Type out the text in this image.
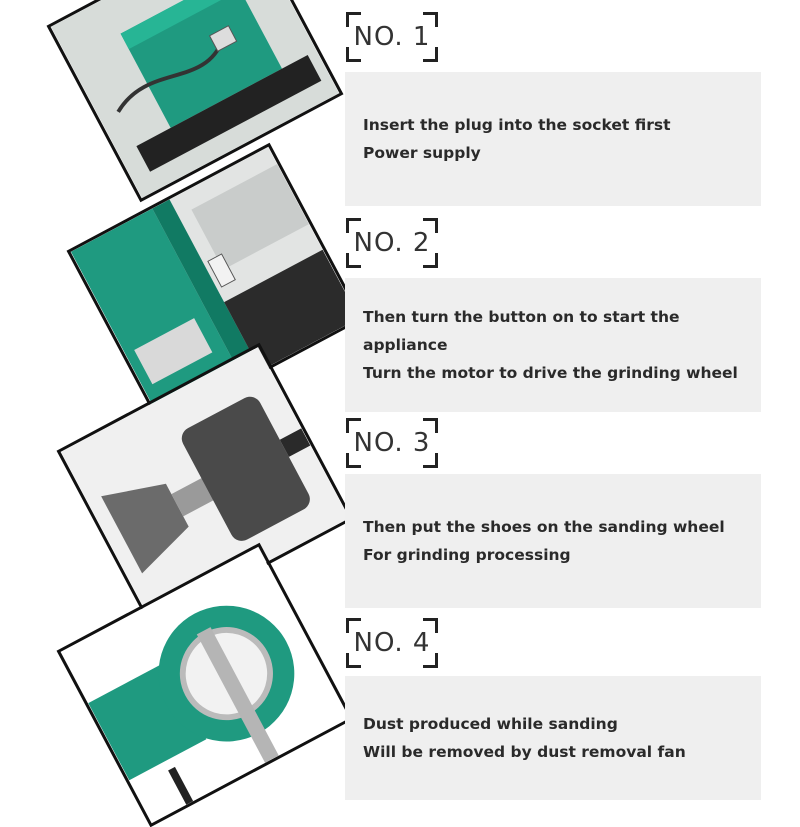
NO. 1
NO. 2
NO. 3
NO. 4

Insert the plug into the socket first

Power supply

Then turn the button on to start the appliance

Turn the motor to drive the grinding wheel

Then put the shoes on the sanding wheel

For grinding processing

Dust produced while sanding

Will be removed by dust removal fan
